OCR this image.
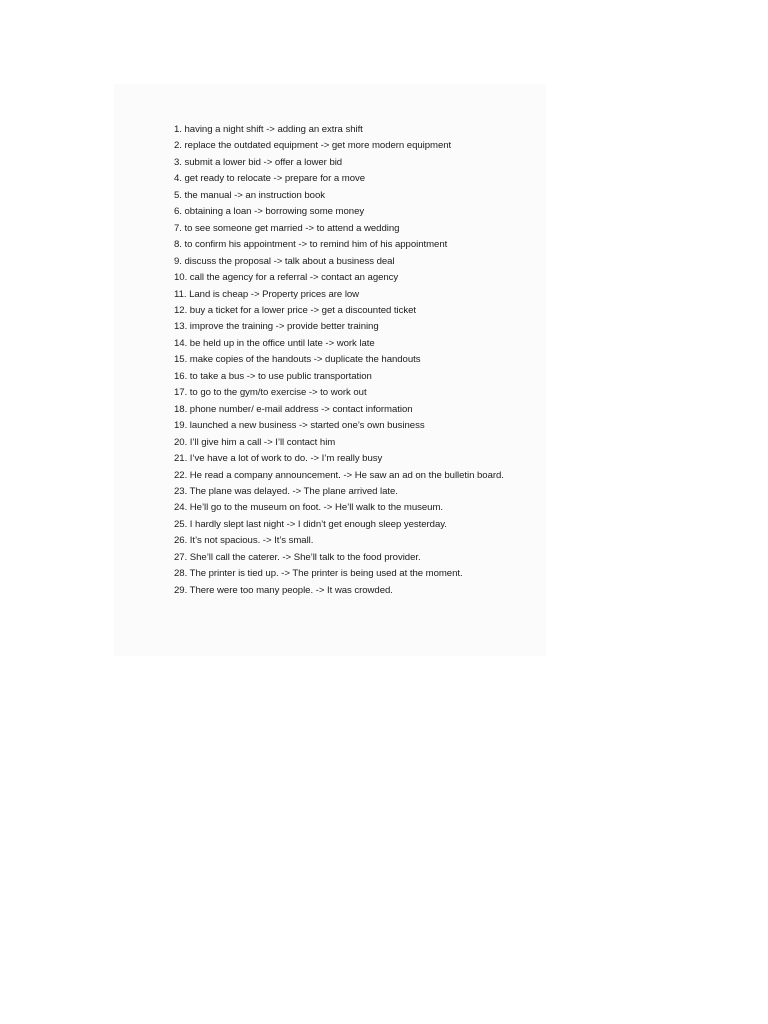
1. having a night shift -> adding an extra shift
2. replace the outdated equipment -> get more modern equipment
3. submit a lower bid -> offer a lower bid
4. get ready to relocate -> prepare for a move
5. the manual -> an instruction book
6. obtaining a loan -> borrowing some money
7. to see someone get married -> to attend a wedding
8. to confirm his appointment -> to remind him of his appointment
9. discuss the proposal -> talk about a business deal
10. call the agency for a referral -> contact an agency
11. Land is cheap -> Property prices are low
12. buy a ticket for a lower price -> get a discounted ticket
13. improve the training -> provide better training
14. be held up in the office until late -> work late
15. make copies of the handouts -> duplicate the handouts
16. to take a bus -> to use public transportation
17. to go to the gym/to exercise -> to work out
18. phone number/ e-mail address -> contact information
19. launched a new business -> started one’s own business
20. I’ll give him a call -> I’ll contact him
21. I’ve have a lot of work to do. -> I’m really busy
22. He read a company announcement. -> He saw an ad on the bulletin board.
23. The plane was delayed. -> The plane arrived late.
24. He’ll go to the museum on foot. -> He’ll walk to the museum.
25. I hardly slept last night -> I didn’t get enough sleep yesterday.
26. It’s not spacious. -> It’s small.
27. She’ll call the caterer. -> She’ll talk to the food provider.
28. The printer is tied up. -> The printer is being used at the moment.
29. There were too many people. -> It was crowded.
